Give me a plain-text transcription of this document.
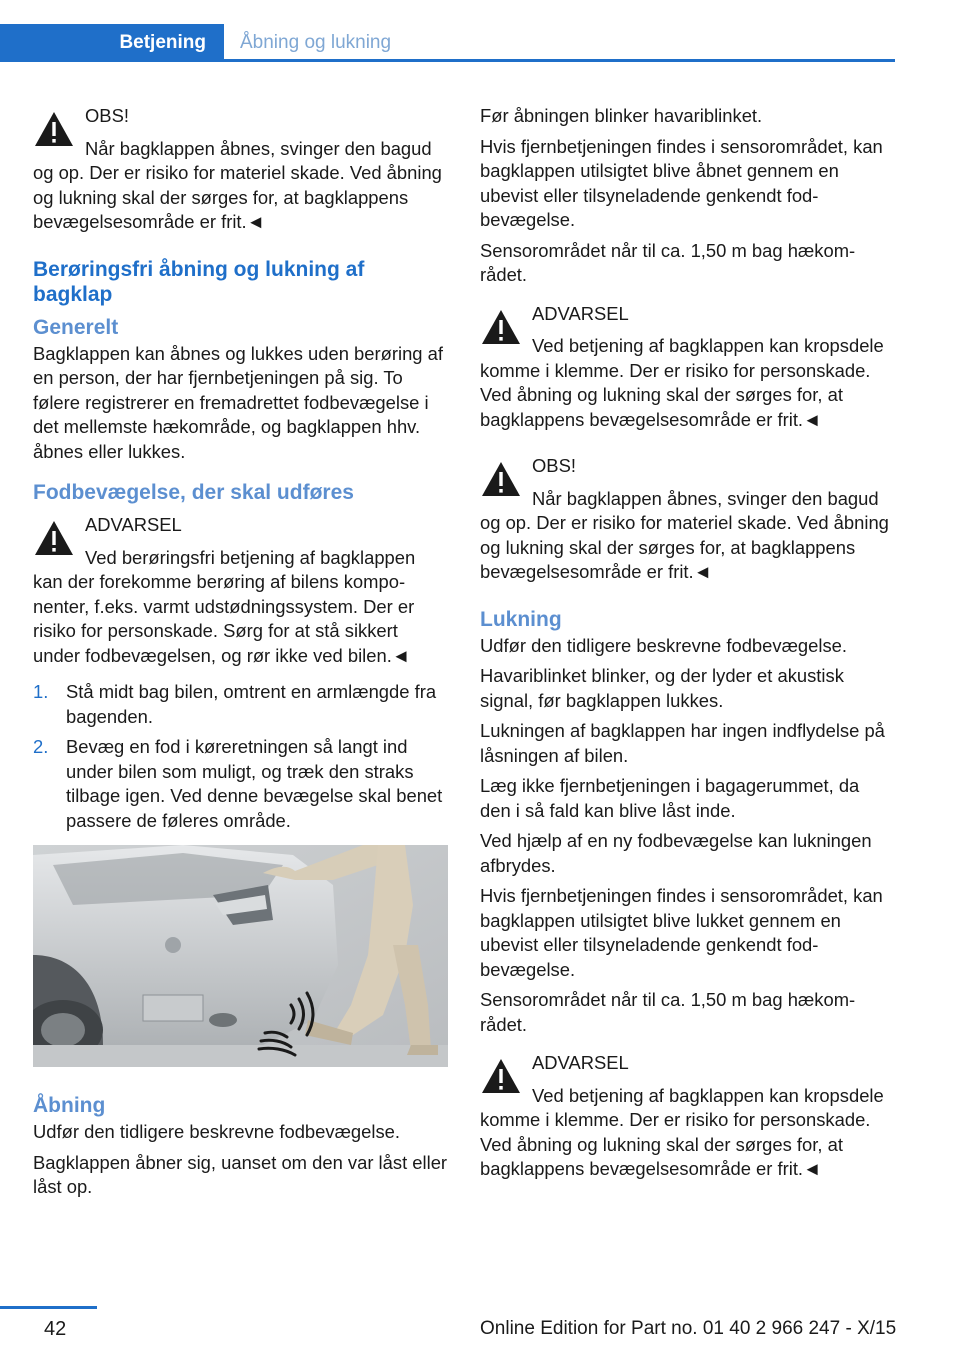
Betjening	Åbning og lukning
OBS!

Når bagklappen åbnes, svinger den bagud og op. Der er risiko for materiel skade. Ved åbning og lukning skal der sørges for, at bagklappens bevægelsesområde er frit.◄

Berøringsfri åbning og lukning af bagklap
Generelt

Bagklappen kan åbnes og lukkes uden berøring af en person, der har fjernbetjeningen på sig. To følere registrerer en fremadrettet fodbevægelse i det mellemste hækområde, og bagklappen hhv. åbnes eller lukkes.

Fodbevægelse, der skal udføres
ADVARSEL

Ved berøringsfri betjening af bagklappen kan der forekomme berøring af bilens komponenter, f.eks. varmt udstødningssystem. Der er risiko for personskade. Sørg for at stå sikkert under fodbevægelsen, og rør ikke ved bilen.◄

1. Stå midt bag bilen, omtrent en armlængde fra bagenden.
2. Bevæg en fod i køreretningen så langt ind under bilen som muligt, og træk den straks tilbage igen. Ved denne bevægelse skal benet passere de føleres område.
Åbning

Udfør den tidligere beskrevne fodbevægelse.

Bagklappen åbner sig, uanset om den var låst eller låst op.

Før åbningen blinker havariblinket.

Hvis fjernbetjeningen findes i sensorområdet, kan bagklappen utilsigtet blive åbnet gennem en ubevist eller tilsyneladende genkendt fodbevægelse.

Sensorområdet når til ca. 1,50 m bag hækområdet.

ADVARSEL

Ved betjening af bagklappen kan kropsdele komme i klemme. Der er risiko for personskade. Ved åbning og lukning skal der sørges for, at bagklappens bevægelsesområde er frit.◄

OBS!

Når bagklappen åbnes, svinger den bagud og op. Der er risiko for materiel skade. Ved åbning og lukning skal der sørges for, at bagklappens bevægelsesområde er frit.◄

Lukning

Udfør den tidligere beskrevne fodbevægelse.

Havariblinket blinker, og der lyder et akustisk signal, før bagklappen lukkes.

Lukningen af bagklappen har ingen indflydelse på låsningen af bilen.

Læg ikke fjernbetjeningen i bagagerummet, da den i så fald kan blive låst inde.

Ved hjælp af en ny fodbevægelse kan lukningen afbrydes.

Hvis fjernbetjeningen findes i sensorområdet, kan bagklappen utilsigtet blive lukket gennem en ubevist eller tilsyneladende genkendt fodbevægelse.

Sensorområdet når til ca. 1,50 m bag hækområdet.

ADVARSEL

Ved betjening af bagklappen kan kropsdele komme i klemme. Der er risiko for personskade. Ved åbning og lukning skal der sørges for, at bagklappens bevægelsesområde er frit.◄

42	Online Edition for Part no. 01 40 2 966 247 - X/15
